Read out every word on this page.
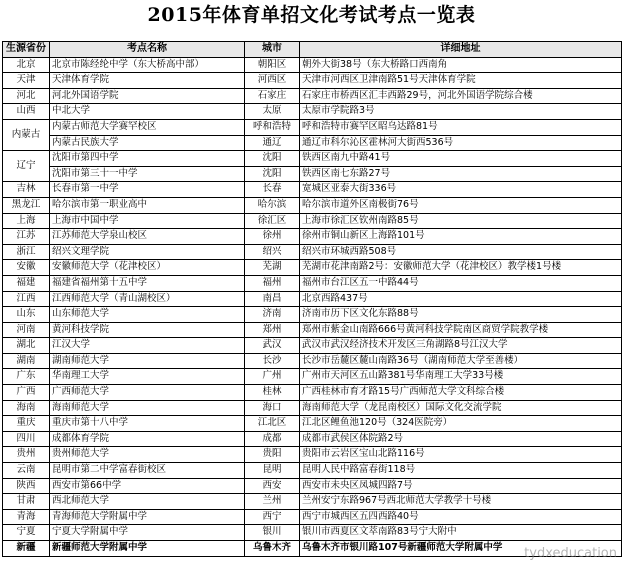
2015年体育单招文化考试考点一览表
生源省份	考点名称	城市	详细地址
北京	北京市陈经纶中学（东大桥高中部）	朝阳区	朝外大街38号（东大桥路口西南角
天津	天津体育学院	河西区	天津市河西区卫津南路51号天津体育学院
河北	河北外国语学院	石家庄	石家庄市桥西区汇丰西路29号，河北外国语学院综合楼
山西	中北大学	太原	太原市学院路3号
内蒙古	内蒙古师范大学赛罕校区	呼和浩特	呼和浩特市赛罕区昭乌达路81号
	内蒙古民族大学	通辽	通辽市科尔沁区霍林河大街西536号
辽宁	沈阳市第四中学	沈阳	铁西区南九中路41号
	沈阳市第三十一中学	沈阳	铁西区南七东路27号
吉林	长春市第一中学	长春	宽城区亚泰大街336号
黑龙江	哈尔滨市第一职业高中	哈尔滨	哈尔滨市道外区南极街76号
上海	上海市中国中学	徐汇区	上海市徐汇区钦州南路85号
江苏	江苏师范大学泉山校区	徐州	徐州市铜山新区上海路101号
浙江	绍兴文理学院	绍兴	绍兴市环城西路508号
安徽	安徽师范大学（花津校区）	芜湖	芜湖市花津南路2号：安徽师范大学（花津校区）教学楼1号楼
福建	福建省福州第十五中学	福州	福州市台江区五一中路44号
江西	江西师范大学（青山湖校区）	南昌	北京西路437号
山东	山东师范大学	济南	济南市历下区文化东路88号
河南	黄河科技学院	郑州	郑州市紫金山南路666号黄河科技学院南区商贸学院教学楼
湖北	江汉大学	武汉	武汉市武汉经济技术开发区三角湖路8号江汉大学
湖南	湖南师范大学	长沙	长沙市岳麓区麓山南路36号（湖南师范大学至善楼）
广东	华南理工大学	广州	广州市天河区五山路381号华南理工大学33号楼
广西	广西师范大学	桂林	广西桂林市育才路15号广西师范大学文科综合楼
海南	海南师范大学	海口	海南师范大学（龙昆南校区）国际文化交流学院
重庆	重庆市第十八中学	江北区	江北区鲤鱼池120号（324医院旁）
四川	成都体育学院	成都	成都市武侯区体院路2号
贵州	贵州师范大学	贵阳	贵阳市云岩区宝山北路116号
云南	昆明市第二中学富春街校区	昆明	昆明人民中路富春街118号
陕西	西安市第66中学	西安	西安市未央区凤城四路7号
甘肃	西北师范大学	兰州	兰州安宁东路967号西北师范大学教学十号楼
青海	青海师范大学附属中学	西宁	西宁市城西区五四西路40号
宁夏	宁夏大学附属中学	银川	银川市西夏区文萃南路83号宁大附中
新疆	新疆师范大学附属中学	乌鲁木齐	乌鲁木齐市银川路107号新疆师范大学附属中学 tydxeducation
